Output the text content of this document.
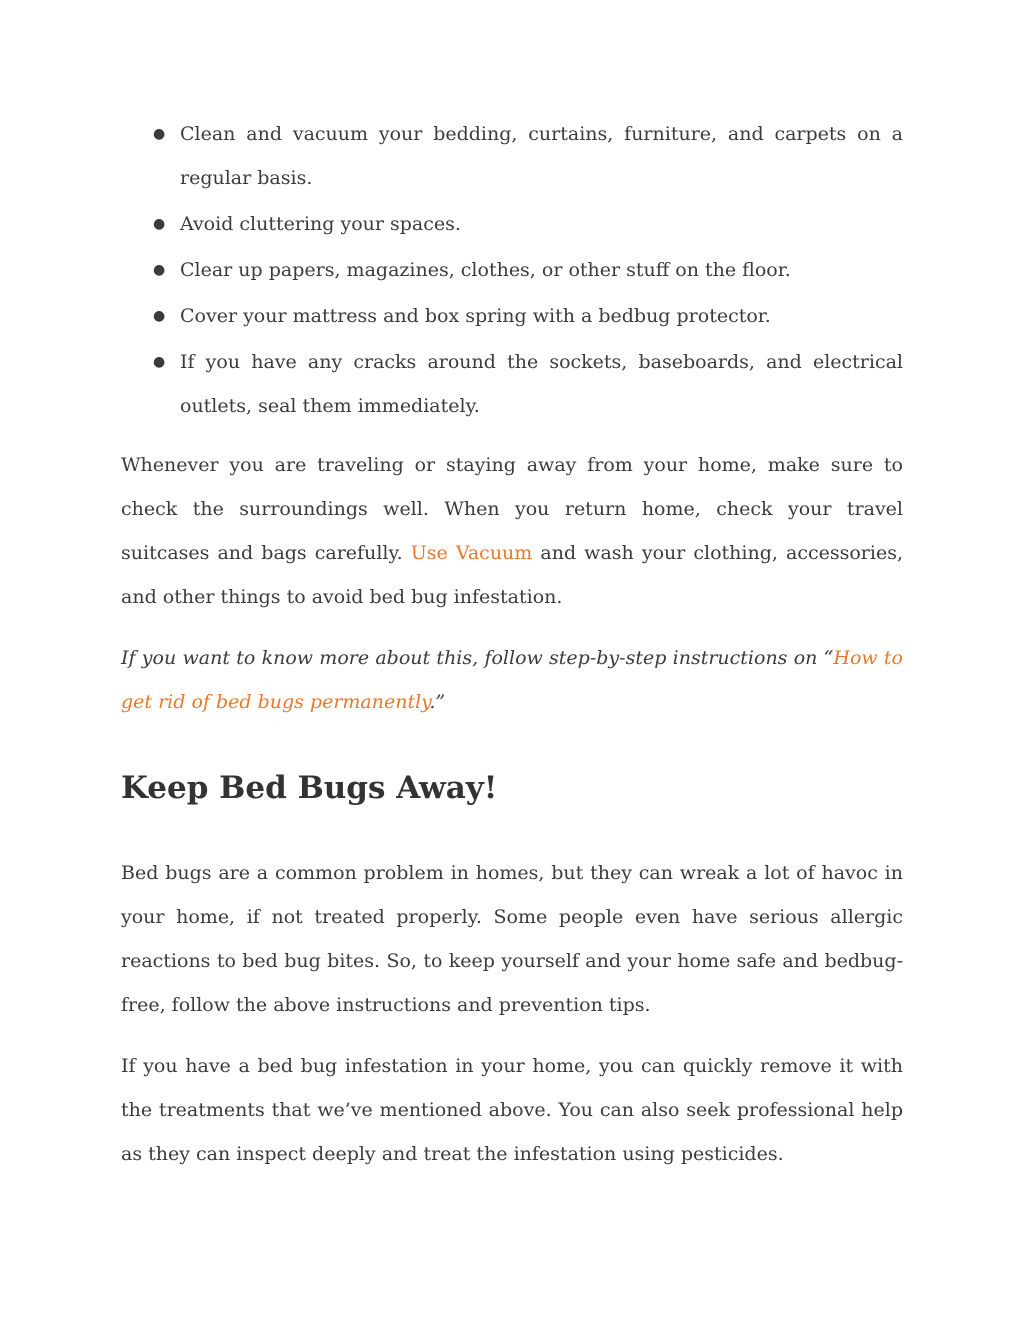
● Clean and vacuum your bedding, curtains, furniture, and carpets on a regular basis.
● Avoid cluttering your spaces.
● Clear up papers, magazines, clothes, or other stuff on the floor.
● Cover your mattress and box spring with a bedbug protector.
● If you have any cracks around the sockets, baseboards, and electrical outlets, seal them immediately.

Whenever you are traveling or staying away from your home, make sure to check the surroundings well. When you return home, check your travel suitcases and bags carefully. Use Vacuum and wash your clothing, accessories, and other things to avoid bed bug infestation.

If you want to know more about this, follow step-by-step instructions on “How to get rid of bed bugs permanently.”

Keep Bed Bugs Away!

Bed bugs are a common problem in homes, but they can wreak a lot of havoc in your home, if not treated properly. Some people even have serious allergic reactions to bed bug bites. So, to keep yourself and your home safe and bedbug-free, follow the above instructions and prevention tips.

If you have a bed bug infestation in your home, you can quickly remove it with the treatments that we’ve mentioned above. You can also seek professional help as they can inspect deeply and treat the infestation using pesticides.
